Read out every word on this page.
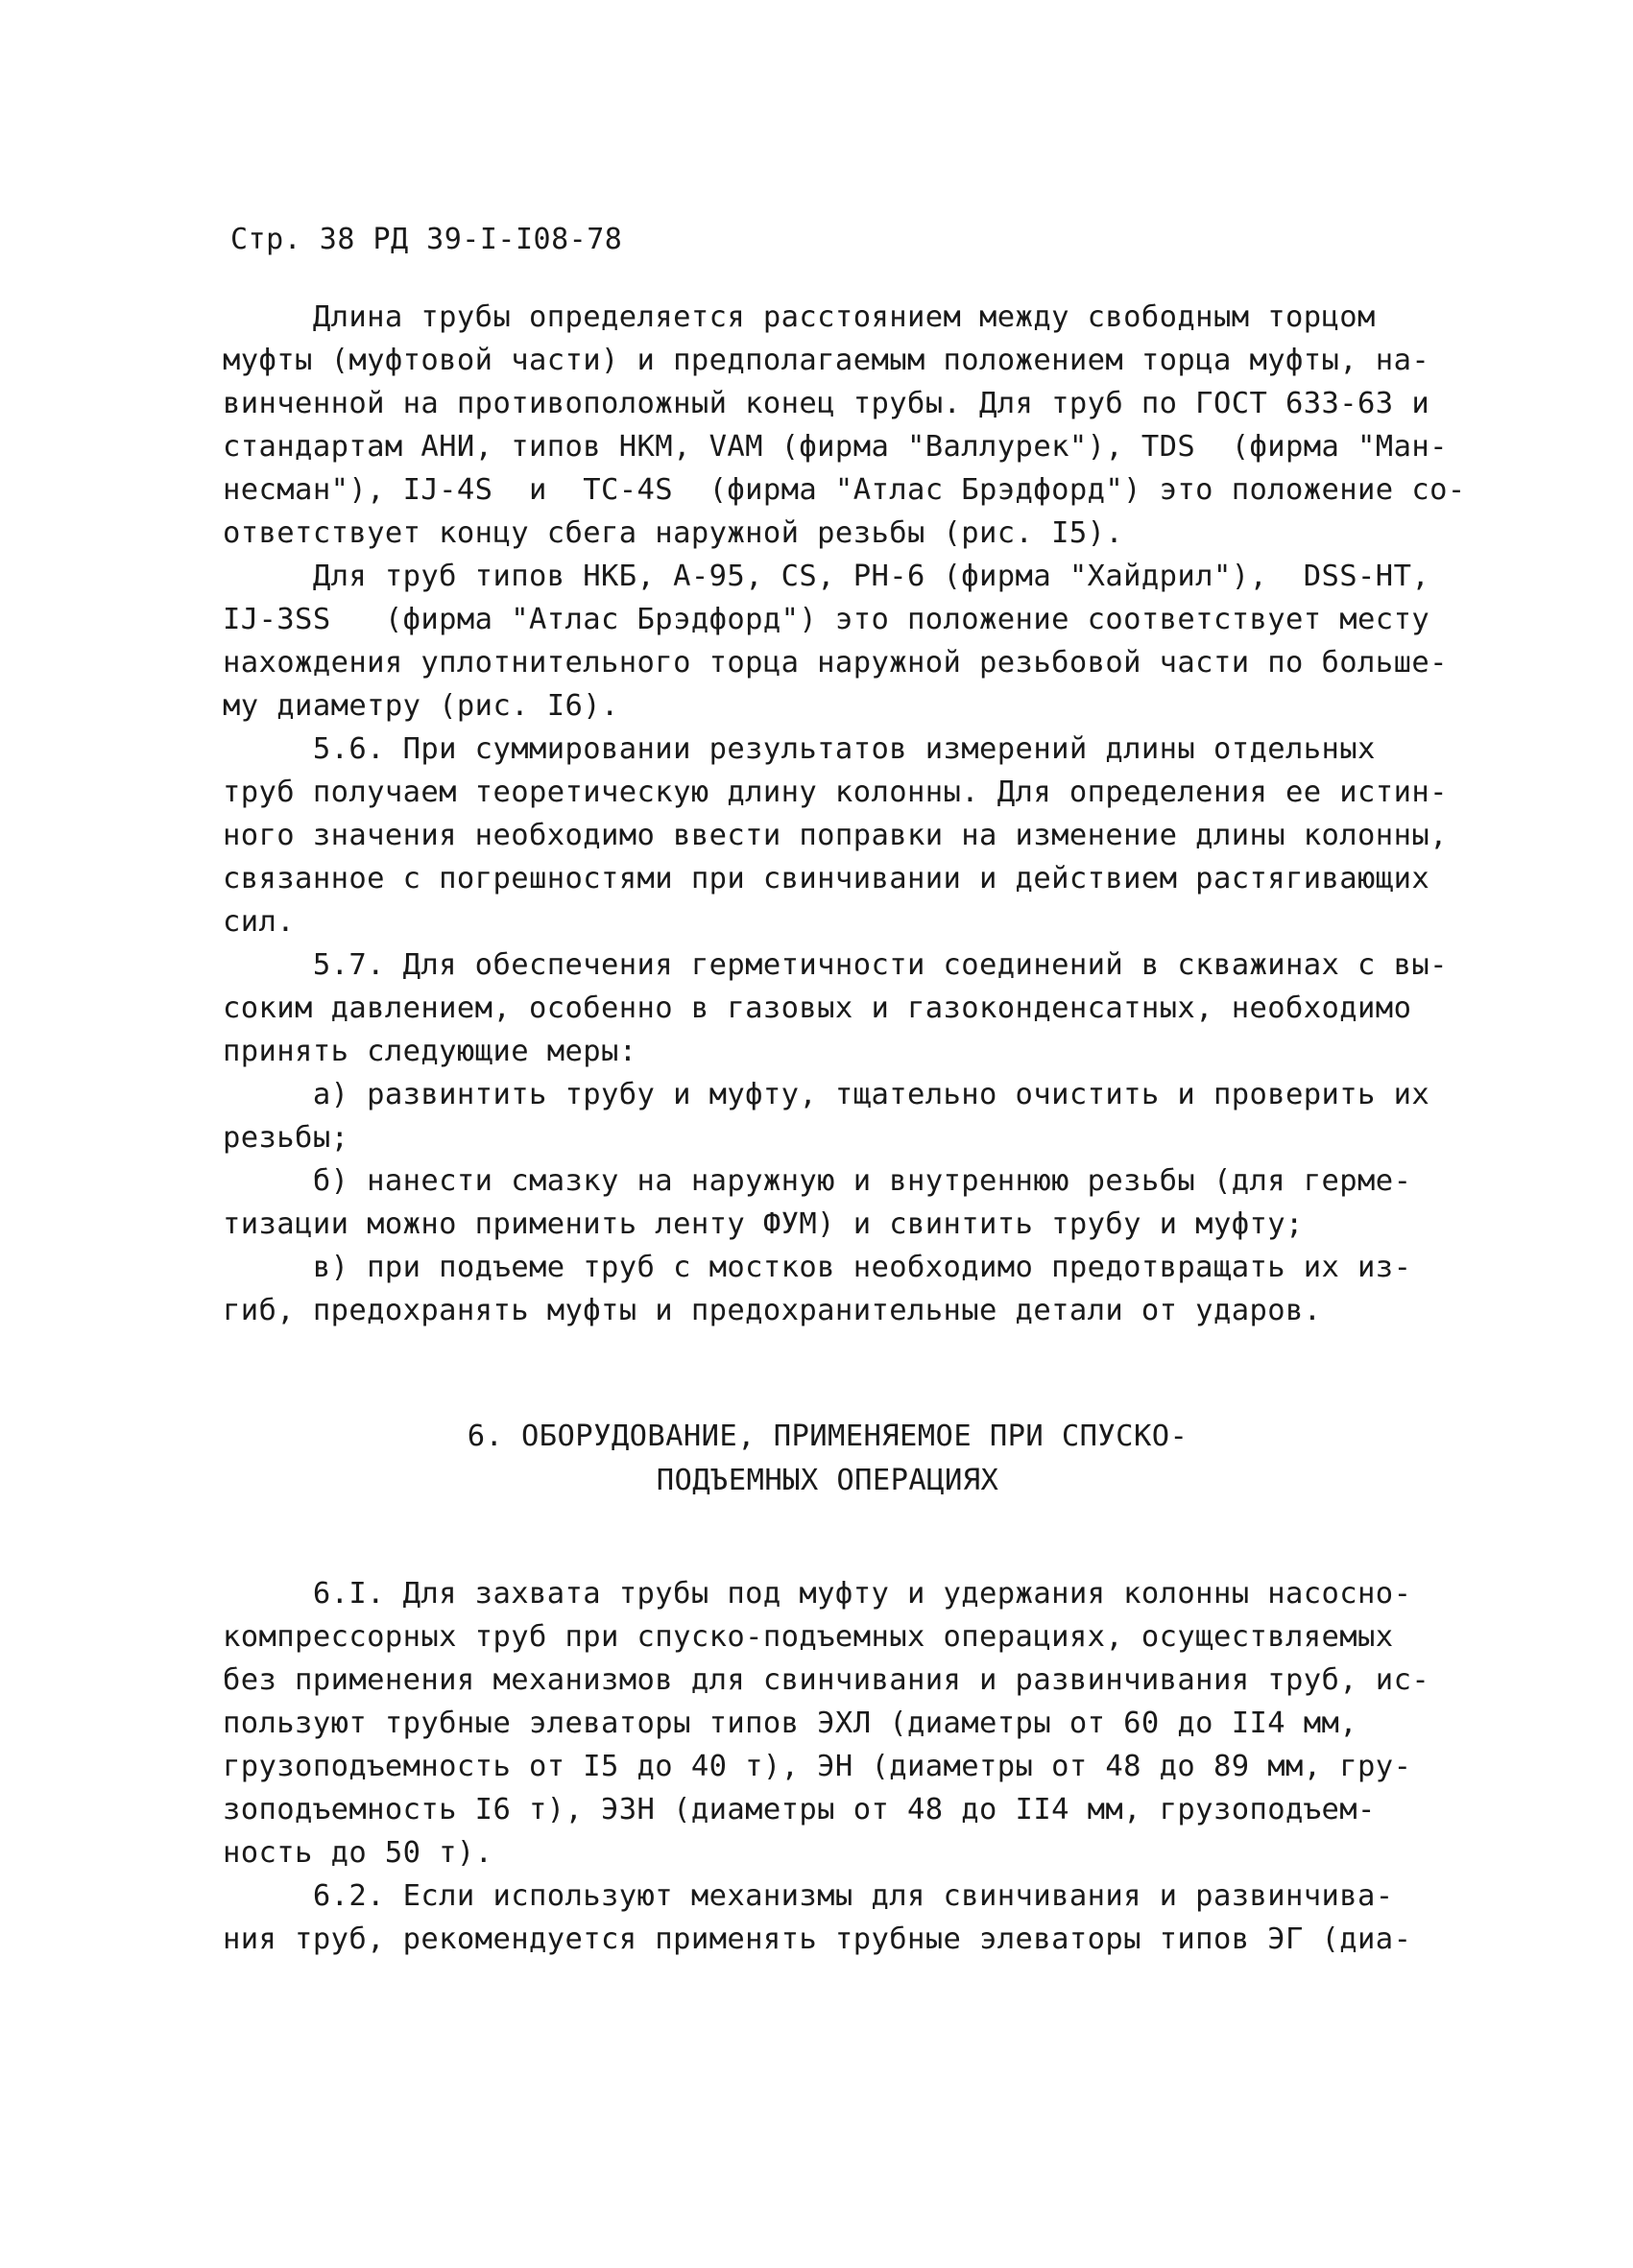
Стр. 38 РД 39-I-I08-78
Длина трубы определяется расстоянием между свободным торцом
муфты (муфтовой части) и предполагаемым положением торца муфты, на-
винченной на противоположный конец трубы. Для труб по ГОСТ 633-63 и
стандартам АНИ, типов НКМ, VAM (фирма "Валлурек"), TDS  (фирма "Ман-
несман"), IJ-4S  и  TC-4S  (фирма "Атлас Брэдфорд") это положение со-
ответствует концу сбега наружной резьбы (рис. I5).
Для труб типов НКБ, А-95, CS, РН-6 (фирма "Хайдрил"),  DSS-HT,
IJ-3SS   (фирма "Атлас Брэдфорд") это положение соответствует месту
нахождения уплотнительного торца наружной резьбовой части по больше-
му диаметру (рис. I6).
5.6. При суммировании результатов измерений длины отдельных
труб получаем теоретическую длину колонны. Для определения ее истин-
ного значения необходимо ввести поправки на изменение длины колонны,
связанное с погрешностями при свинчивании и действием растягивающих
сил.
5.7. Для обеспечения герметичности соединений в скважинах с вы-
соким давлением, особенно в газовых и газоконденсатных, необходимо
принять следующие меры:
а) развинтить трубу и муфту, тщательно очистить и проверить их
резьбы;
б) нанести смазку на наружную и внутреннюю резьбы (для герме-
тизации можно применить ленту ФУМ) и свинтить трубу и муфту;
в) при подъеме труб с мостков необходимо предотвращать их из-
гиб, предохранять муфты и предохранительные детали от ударов.
6. ОБОРУДОВАНИЕ, ПРИМЕНЯЕМОЕ ПРИ СПУСКО-
ПОДЪЕМНЫХ ОПЕРАЦИЯХ
6.I. Для захвата трубы под муфту и удержания колонны насосно-
компрессорных труб при спуско-подъемных операциях, осуществляемых
без применения механизмов для свинчивания и развинчивания труб, ис-
пользуют трубные элеваторы типов ЭХЛ (диаметры от 60 до II4 мм,
грузоподъемность от I5 до 40 т), ЭН (диаметры от 48 до 89 мм, гру-
зоподъемность I6 т), ЭЗН (диаметры от 48 до II4 мм, грузоподъем-
ность до 50 т).
6.2. Если используют механизмы для свинчивания и развинчива-
ния труб, рекомендуется применять трубные элеваторы типов ЭГ (диа-
